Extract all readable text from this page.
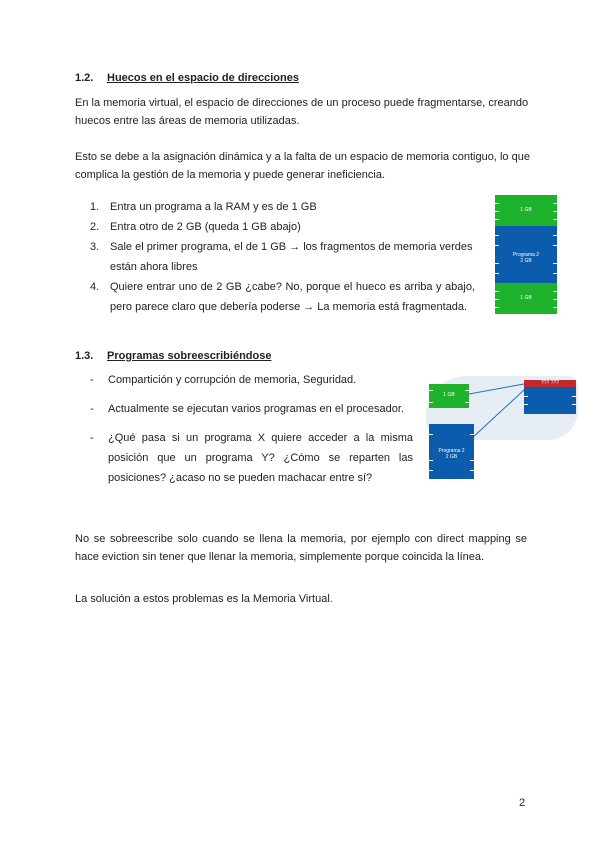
1.2. Huecos en el espacio de direcciones

En la memoria virtual, el espacio de direcciones de un proceso puede fragmentarse, creando huecos entre las áreas de memoria utilizadas.

Esto se debe a la asignación dinámica y a la falta de un espacio de memoria contiguo, lo que complica la gestión de la memoria y puede generar ineficiencia.

1. Entra un programa a la RAM y es de 1 GB
2. Entra otro de 2 GB (queda 1 GB abajo)
3. Sale el primer programa, el de 1 GB → los fragmentos de memoria verdes están ahora libres
4. Quiere entrar uno de 2 GB ¿cabe? No, porque el hueco es arriba y abajo, pero parece claro que debería poderse → La memoria está fragmentada.
1 GB

Programa 2
2 GB

1 GB
1.3. Programas sobreescribiéndose
- Compartición y corrupción de memoria, Seguridad.
- Actualmente se ejecutan varios programas en el procesador.
- ¿Qué pasa si un programa X quiere acceder a la misma posición que un programa Y? ¿Cómo se reparten las posiciones? ¿acaso no se pueden machacar entre sí?
1 GB
??? ???

Programa 2
2 GB

No se sobreescribe solo cuando se llena la memoria, por ejemplo con direct mapping se hace eviction sin tener que llenar la memoria, simplemente porque coincida la línea.

La solución a estos problemas es la Memoria Virtual.

2
